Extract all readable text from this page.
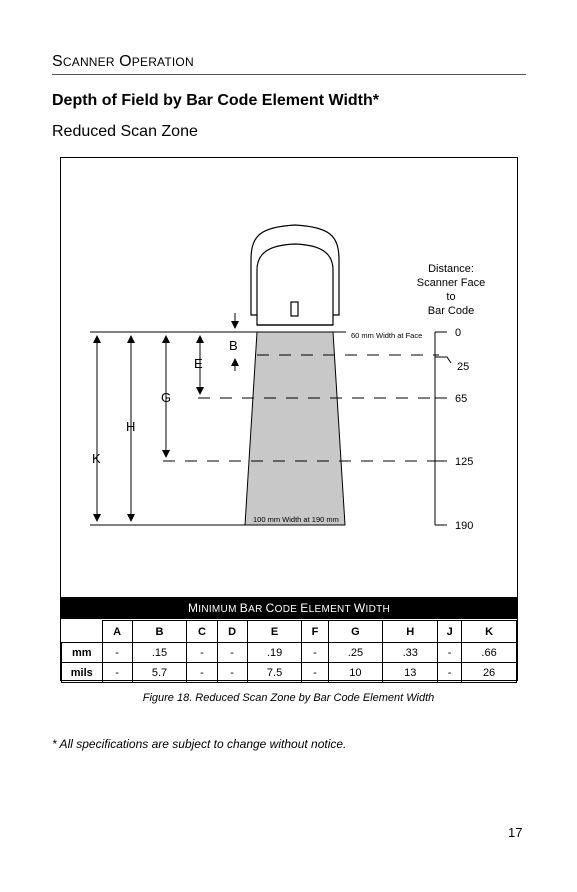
SCANNER OPERATION
Depth of Field by Bar Code Element Width*
Reduced Scan Zone
B
E
G
H
K
60 mm Width at Face
100 mm Width at 190 mm
Distance:
Scanner Face
to
Bar Code
0
25
65
125
190
MINIMUM BAR CODE ELEMENT WIDTH
	A	B	C	D	E	F	G	H	J	K
mm	-	.15	-	-	.19	-	.25	.33	-	.66
mils	-	5.7	-	-	7.5	-	10	13	-	26
Figure 18. Reduced Scan Zone by Bar Code Element Width
* All specifications are subject to change without notice.
17
